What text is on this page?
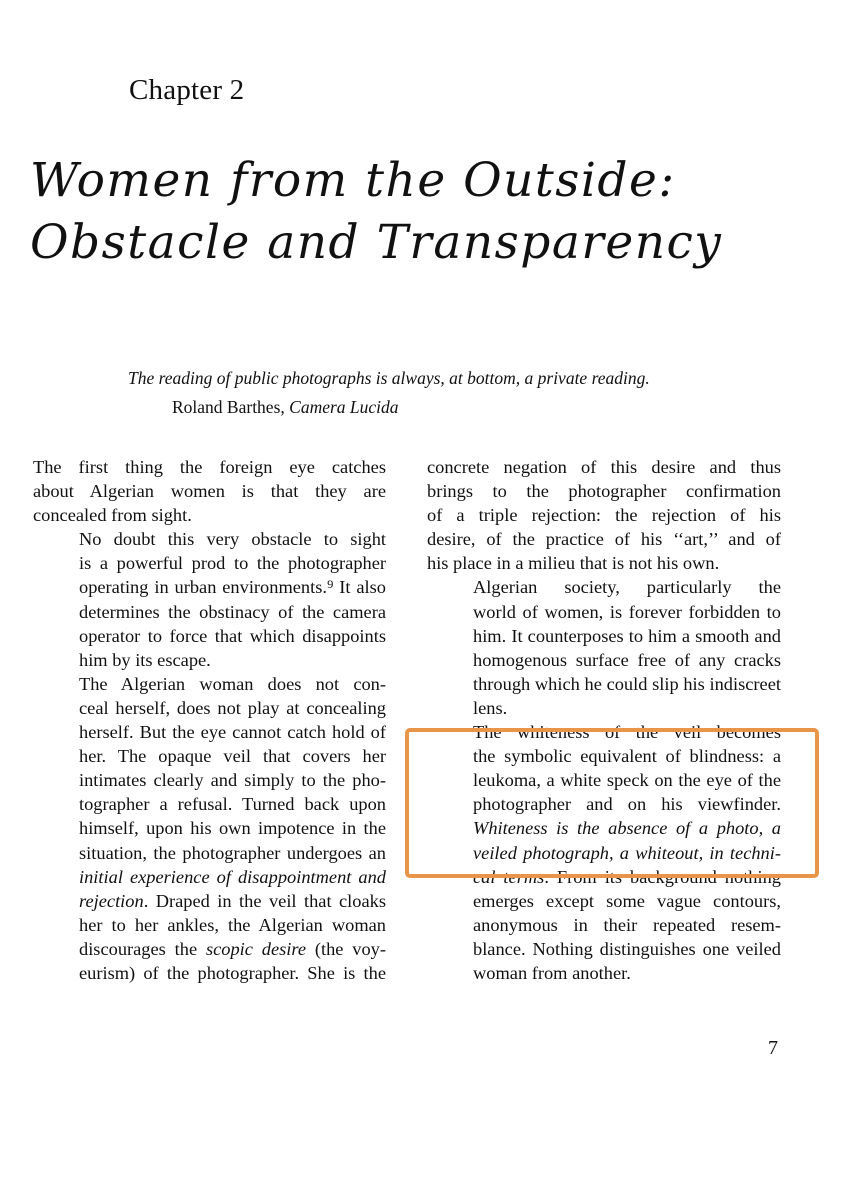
Chapter 2
Women from the Outside:
Obstacle and Transparency
The reading of public photographs is always, at bottom, a private reading.
Roland Barthes, Camera Lucida

The first thing the foreign eye catches
about Algerian women is that they are
concealed from sight.

No doubt this very obstacle to sight
is a powerful prod to the photographer
operating in urban environments.⁹ It also
determines the obstinacy of the camera
operator to force that which disappoints
him by its escape.

The Algerian woman does not con-
ceal herself, does not play at concealing
herself. But the eye cannot catch hold of
her. The opaque veil that covers her
intimates clearly and simply to the pho-
tographer a refusal. Turned back upon
himself, upon his own impotence in the
situation, the photographer undergoes an
initial experience of disappointment and
rejection. Draped in the veil that cloaks
her to her ankles, the Algerian woman
discourages the scopic desire (the voy-
eurism) of the photographer. She is the

concrete negation of this desire and thus
brings to the photographer confirmation
of a triple rejection: the rejection of his
desire, of the practice of his ‘‘art,’’ and of
his place in a milieu that is not his own.

Algerian society, particularly the
world of women, is forever forbidden to
him. It counterposes to him a smooth and
homogenous surface free of any cracks
through which he could slip his indiscreet
lens.

The whiteness of the veil becomes
the symbolic equivalent of blindness: a
leukoma, a white speck on the eye of the
photographer and on his viewfinder.
Whiteness is the absence of a photo, a
veiled photograph, a whiteout, in techni-
cal terms. From its background nothing
emerges except some vague contours,
anonymous in their repeated resem-
blance. Nothing distinguishes one veiled
woman from another.

7
